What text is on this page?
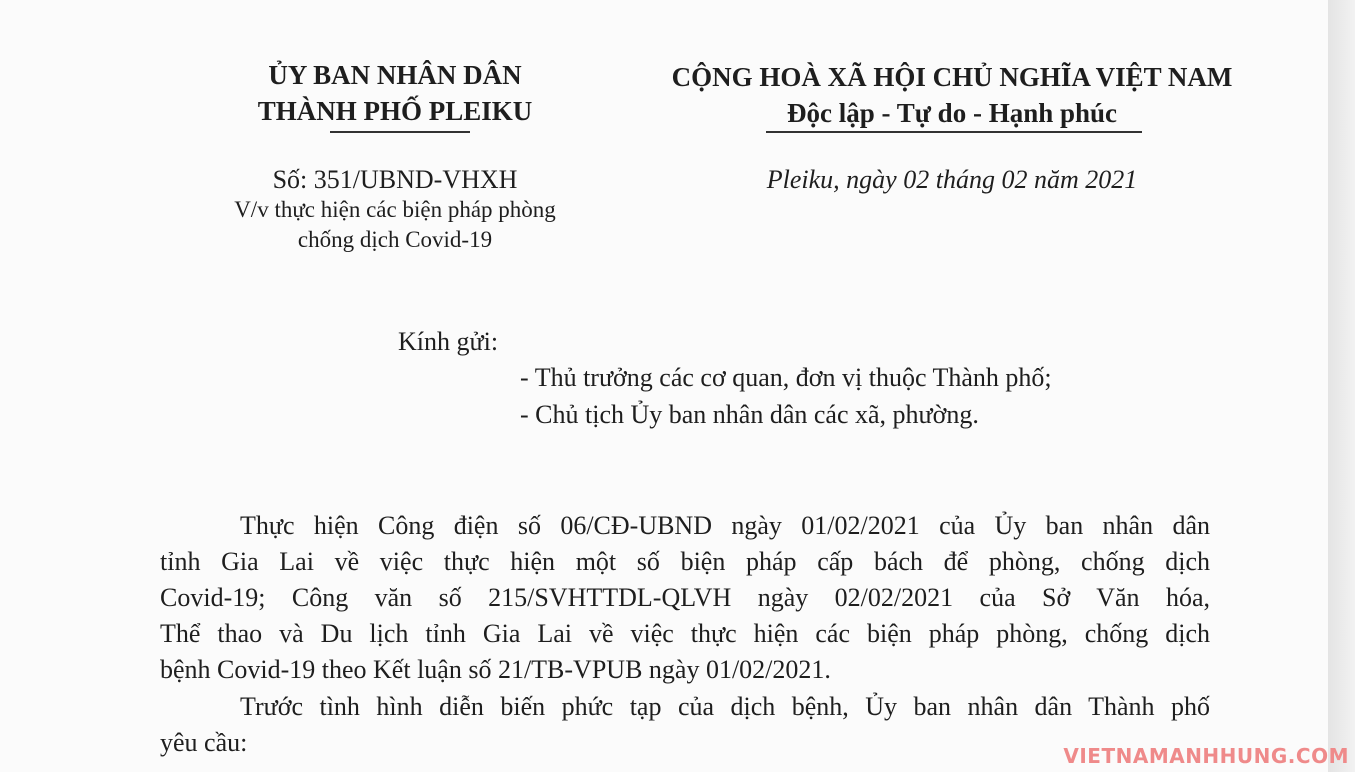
ỦY BAN NHÂN DÂN
THÀNH PHỐ PLEIKU
Số: 351/UBND-VHXH
V/v thực hiện các biện pháp phòng
chống dịch Covid-19
CỘNG HOÀ XÃ HỘI CHỦ NGHĨA VIỆT NAM
Độc lập - Tự do - Hạnh phúc
Pleiku, ngày 02 tháng 02 năm 2021
Kính gửi:
- Thủ trưởng các cơ quan, đơn vị thuộc Thành phố;
- Chủ tịch Ủy ban nhân dân các xã, phường.
Thực hiện Công điện số 06/CĐ-UBND ngày 01/02/2021 của Ủy ban nhân dân
tỉnh Gia Lai về việc thực hiện một số biện pháp cấp bách để phòng, chống dịch
Covid-19; Công văn số 215/SVHTTDL-QLVH ngày 02/02/2021 của Sở Văn hóa,
Thể thao và Du lịch tỉnh Gia Lai về việc thực hiện các biện pháp phòng, chống dịch
bệnh Covid-19 theo Kết luận số 21/TB-VPUB ngày 01/02/2021.
Trước tình hình diễn biến phức tạp của dịch bệnh, Ủy ban nhân dân Thành phố
yêu cầu:	VIETNAMANHHUNG.COM
